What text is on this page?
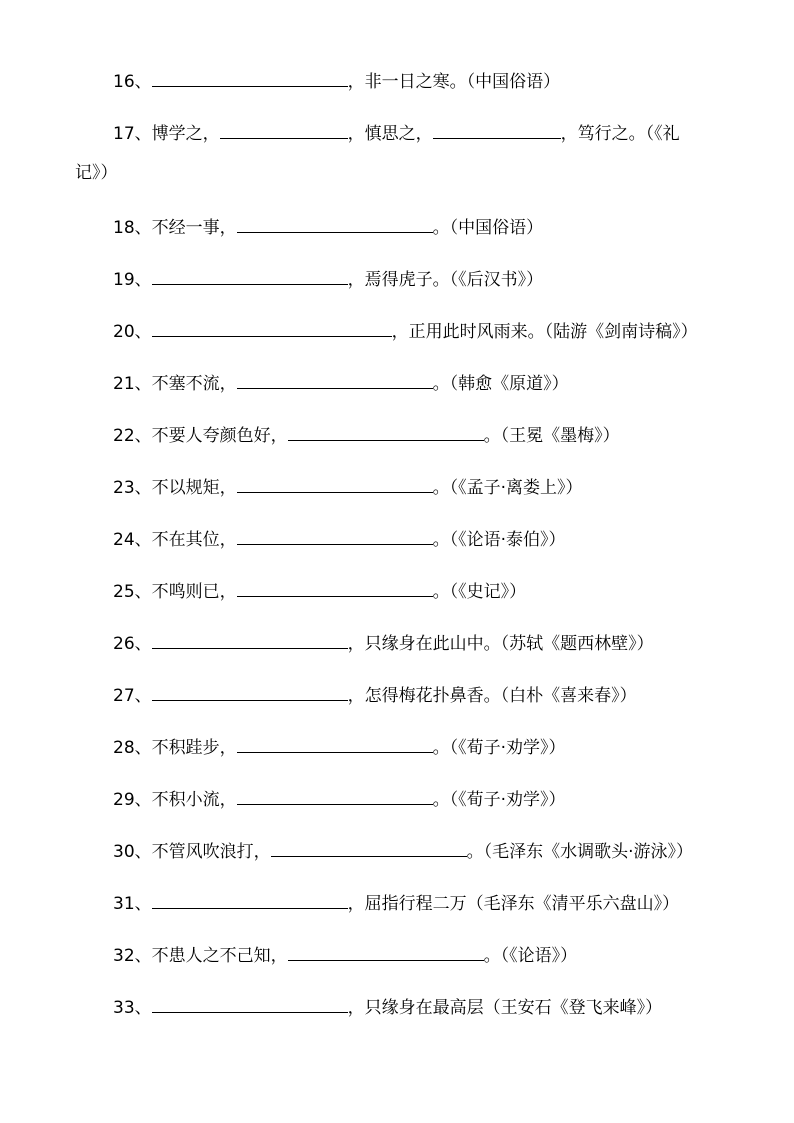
16、	，非一日之寒。（中国俗语）
17、博学之，	，慎思之，	，笃行之。（《礼
记》）
18、不经一事，	。（中国俗语）
19、	，焉得虎子。（《后汉书》）
20、	，正用此时风雨来。（陆游《剑南诗稿》）
21、不塞不流，	。（韩愈《原道》）
22、不要人夸颜色好，	。（王冕《墨梅》）
23、不以规矩，	。（《孟子·离娄上》）
24、不在其位，	。（《论语·泰伯》）
25、不鸣则已，	。（《史记》）
26、	，只缘身在此山中。（苏轼《题西林壁》）
27、	，怎得梅花扑鼻香。（白朴《喜来春》）
28、不积跬步，	。（《荀子·劝学》）
29、不积小流，	。（《荀子·劝学》）
30、不管风吹浪打，	。（毛泽东《水调歌头·游泳》）
31、	，屈指行程二万（毛泽东《清平乐六盘山》）
32、不患人之不己知，	。（《论语》）
33、	，只缘身在最高层（王安石《登飞来峰》）
